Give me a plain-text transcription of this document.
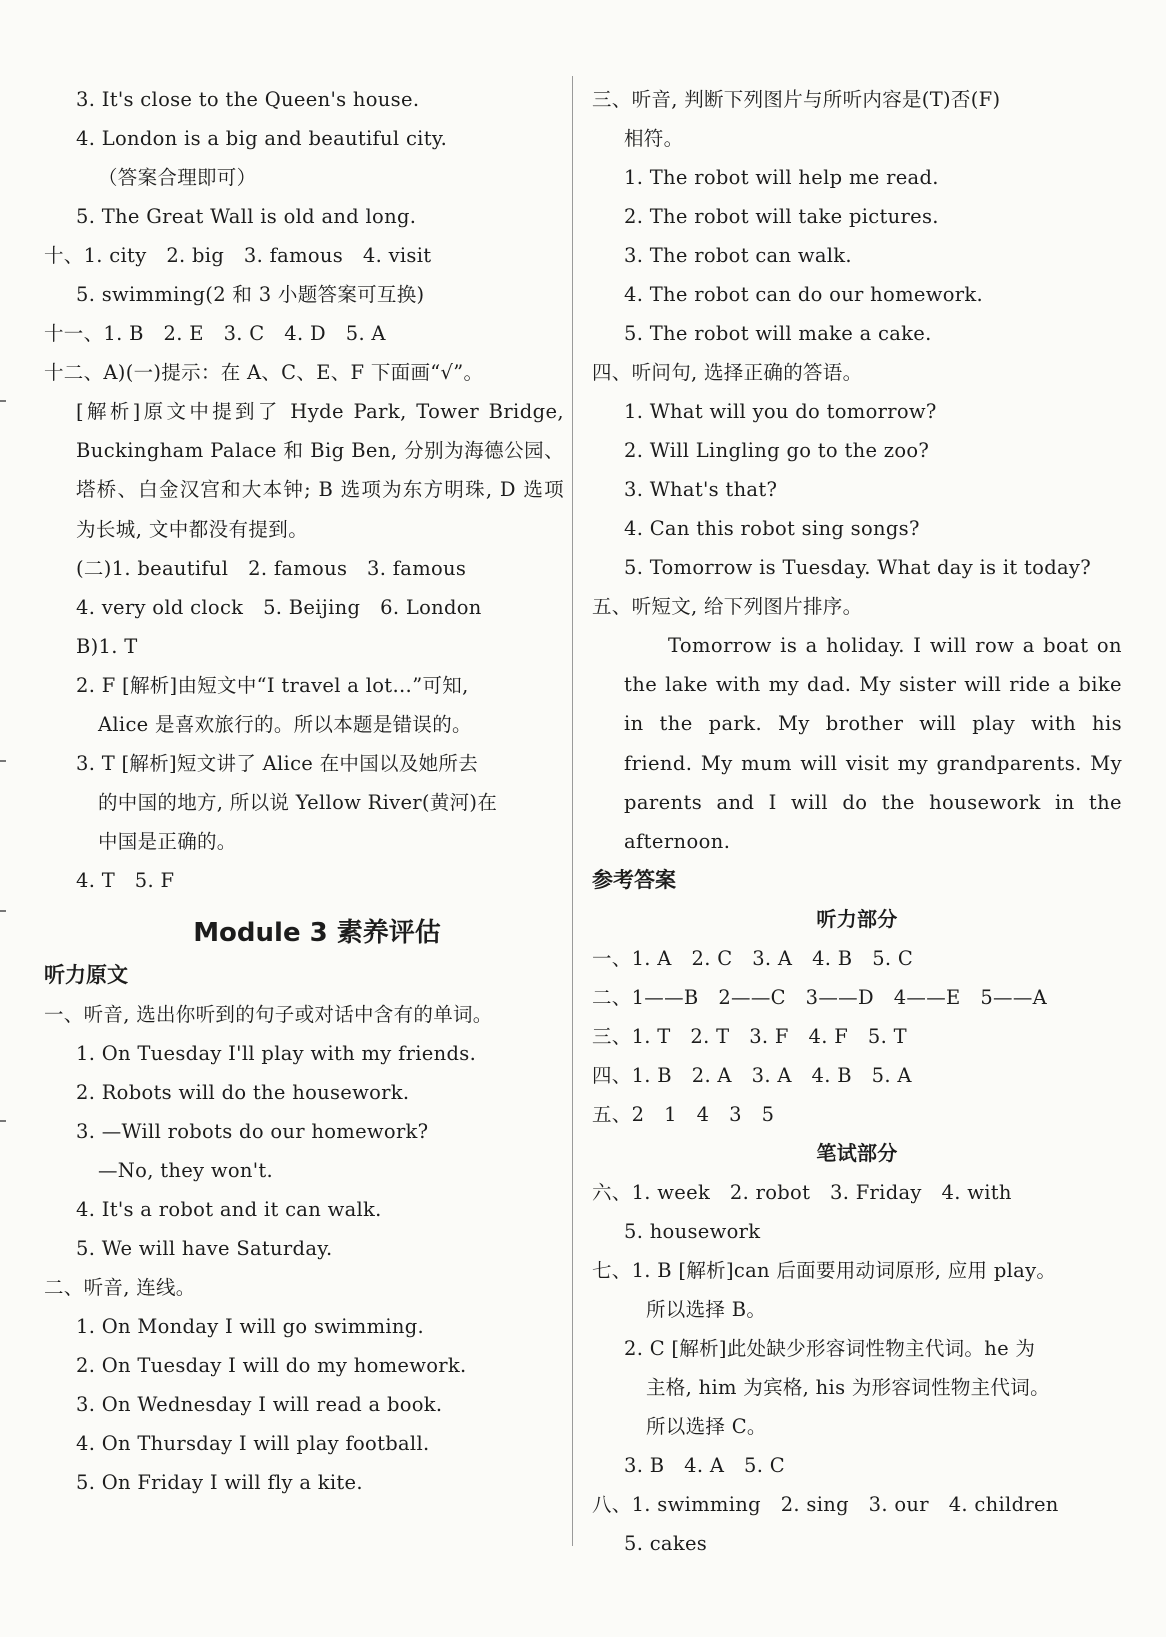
3. It's close to the Queen's house.
4. London is a big and beautiful city.
（答案合理即可）
5. The Great Wall is old and long.
十、1. city　2. big　3. famous　4. visit
5. swimming(2 和 3 小题答案可互换)
十一、1. B　2. E　3. C　4. D　5. A
十二、A)(一)提示：在 A、C、E、F 下面画“√”。
[解析]原文中提到了 Hyde Park, Tower Bridge, Buckingham Palace 和 Big Ben, 分别为海德公园、塔桥、白金汉宫和大本钟; B 选项为东方明珠, D 选项为长城, 文中都没有提到。
(二)1. beautiful　2. famous　3. famous
4. very old clock　5. Beijing　6. London
B)1. T
2. F [解析]由短文中“I travel a lot…”可知,
Alice 是喜欢旅行的。所以本题是错误的。
3. T [解析]短文讲了 Alice 在中国以及她所去
的中国的地方, 所以说 Yellow River(黄河)在
中国是正确的。
4. T　5. F
Module 3 素养评估
听力原文
一、听音, 选出你听到的句子或对话中含有的单词。
1. On Tuesday I'll play with my friends.
2. Robots will do the housework.
3. —Will robots do our homework?
—No, they won't.
4. It's a robot and it can walk.
5. We will have Saturday.
二、听音, 连线。
1. On Monday I will go swimming.
2. On Tuesday I will do my homework.
3. On Wednesday I will read a book.
4. On Thursday I will play football.
5. On Friday I will fly a kite.
三、听音, 判断下列图片与所听内容是(T)否(F)
相符。
1. The robot will help me read.
2. The robot will take pictures.
3. The robot can walk.
4. The robot can do our homework.
5. The robot will make a cake.
四、听问句, 选择正确的答语。
1. What will you do tomorrow?
2. Will Lingling go to the zoo?
3. What's that?
4. Can this robot sing songs?
5. Tomorrow is Tuesday. What day is it today?
五、听短文, 给下列图片排序。
Tomorrow is a holiday. I will row a boat on the lake with my dad. My sister will ride a bike in the park. My brother will play with his friend. My mum will visit my grandparents. My parents and I will do the housework in the afternoon.
参考答案
听力部分
一、1. A　2. C　3. A　4. B　5. C
二、1——B　2——C　3——D　4——E　5——A
三、1. T　2. T　3. F　4. F　5. T
四、1. B　2. A　3. A　4. B　5. A
五、2　1　4　3　5
笔试部分
六、1. week　2. robot　3. Friday　4. with
5. housework
七、1. B [解析]can 后面要用动词原形, 应用 play。
所以选择 B。
2. C [解析]此处缺少形容词性物主代词。he 为
主格, him 为宾格, his 为形容词性物主代词。
所以选择 C。
3. B　4. A　5. C
八、1. swimming　2. sing　3. our　4. children
5. cakes
